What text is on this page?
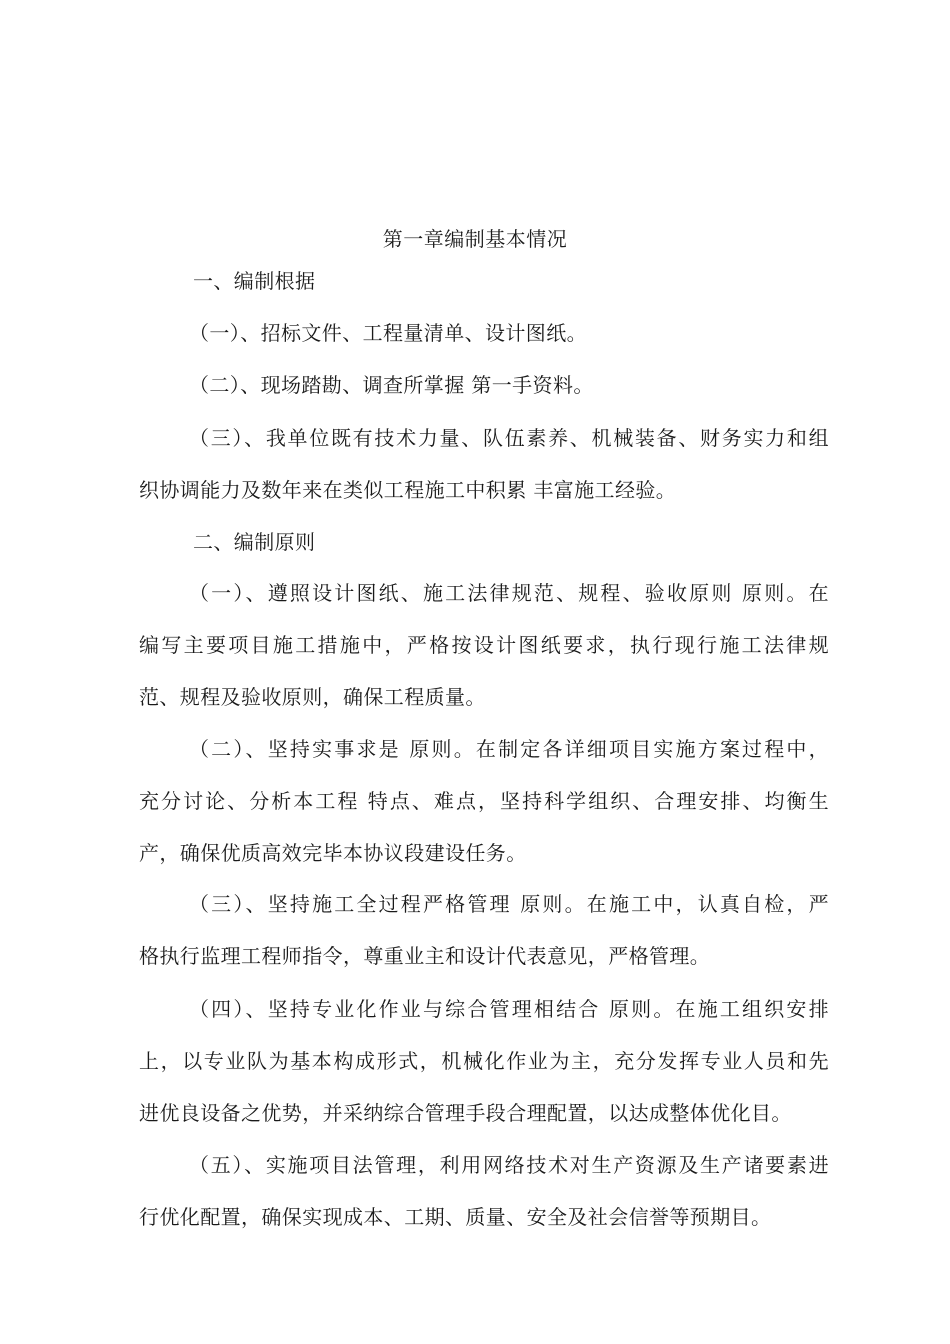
第一章编制基本情况

一、编制根据

（一）、招标文件、工程量清单、设计图纸。

（二）、现场踏勘、调查所掌握 第一手资料。

（三）、我单位既有技术力量、队伍素养、机械装备、财务实力和组

织协调能力及数年来在类似工程施工中积累 丰富施工经验。

二、编制原则

（一）、遵照设计图纸、施工法律规范、规程、验收原则 原则。在

编写主要项目施工措施中，严格按设计图纸要求，执行现行施工法律规

范、规程及验收原则，确保工程质量。

（二）、坚持实事求是 原则。在制定各详细项目实施方案过程中，

充分讨论、分析本工程 特点、难点，坚持科学组织、合理安排、均衡生

产，确保优质高效完毕本协议段建设任务。

（三）、坚持施工全过程严格管理 原则。在施工中，认真自检，严

格执行监理工程师指令，尊重业主和设计代表意见，严格管理。

（四）、坚持专业化作业与综合管理相结合 原则。在施工组织安排

上，以专业队为基本构成形式，机械化作业为主，充分发挥专业人员和先

进优良设备之优势，并采纳综合管理手段合理配置，以达成整体优化目。

（五）、实施项目法管理，利用网络技术对生产资源及生产诸要素进

行优化配置，确保实现成本、工期、质量、安全及社会信誉等预期目。
